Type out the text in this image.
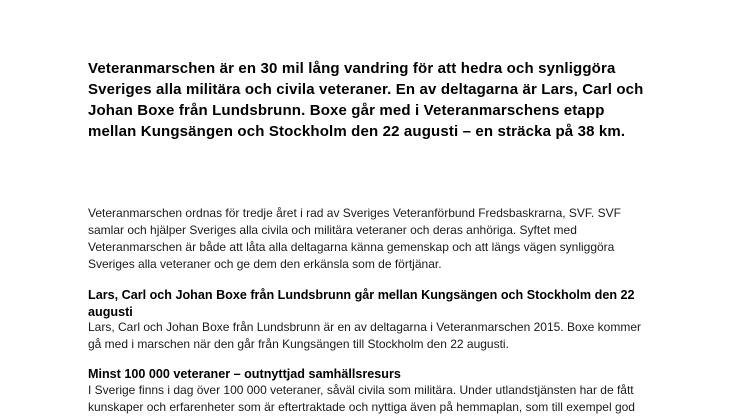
Veteranmarschen är en 30 mil lång vandring för att hedra och synliggöra Sveriges alla militära och civila veteraner. En av deltagarna är Lars, Carl och Johan Boxe från Lundsbrunn. Boxe går med i Veteranmarschens etapp mellan Kungsängen och Stockholm den 22 augusti – en sträcka på 38 km.

Veteranmarschen ordnas för tredje året i rad av Sveriges Veteranförbund Fredsbaskrarna, SVF. SVF samlar och hjälper Sveriges alla civila och militära veteraner och deras anhöriga. Syftet med Veteranmarschen är både att låta alla deltagarna känna gemenskap och att längs vägen synliggöra Sveriges alla veteraner och ge dem den erkänsla som de förtjänar.

Lars, Carl och Johan Boxe från Lundsbrunn går mellan Kungsängen och Stockholm den 22 augusti

Lars, Carl och Johan Boxe från Lundsbrunn är en av deltagarna i Veteranmarschen 2015. Boxe kommer gå med i marschen när den går från Kungsängen till Stockholm den 22 augusti.

Minst 100 000 veteraner – outnyttjad samhällsresurs

I Sverige finns i dag över 100 000 veteraner, såväl civila som militära. Under utlandstjänsten har de fått kunskaper och erfarenheter som är eftertraktade och nyttiga även på hemmaplan, som till exempel god
